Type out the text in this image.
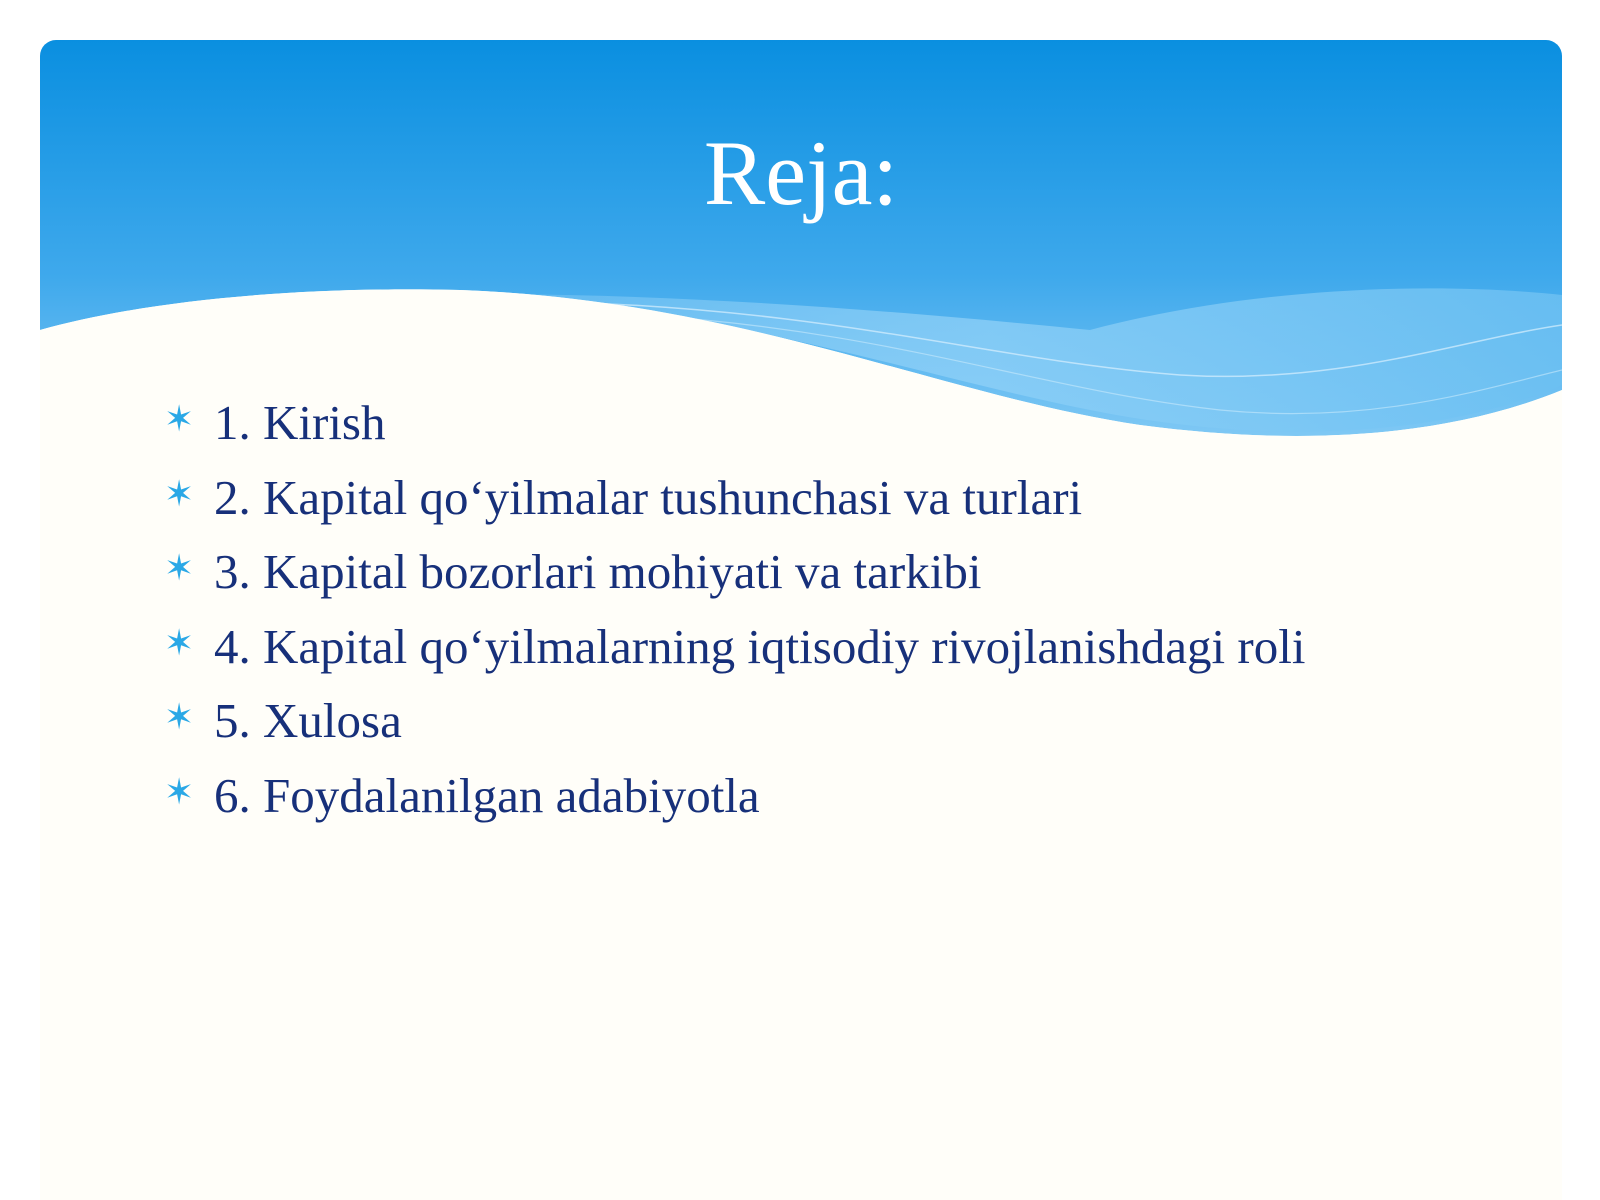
Reja:
✶ 1. Kirish
✶ 2. Kapital qo‘yilmalar tushunchasi va turlari
✶ 3. Kapital bozorlari mohiyati va tarkibi
✶ 4. Kapital qo‘yilmalarning iqtisodiy rivojlanishdagi roli
✶ 5. Xulosa
✶ 6. Foydalanilgan adabiyotla
